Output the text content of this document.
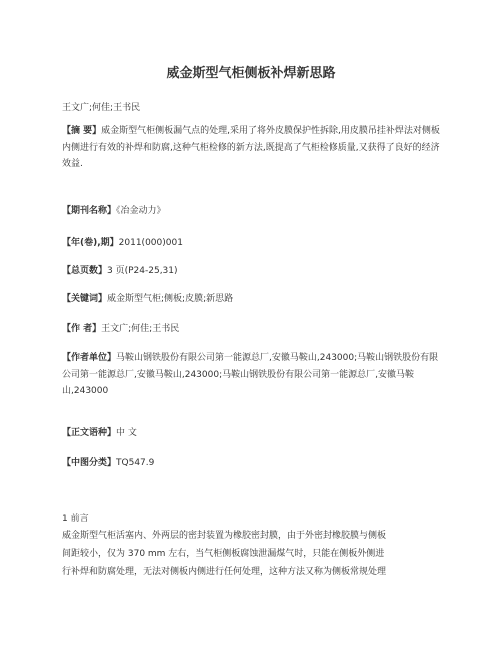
威金斯型气柜侧板补焊新思路
王文广;何佳;王书民
【摘 要】威金斯型气柜侧板漏气点的处理,采用了将外皮膜保护性拆除,用皮膜吊挂补焊法对侧板内侧进行有效的补焊和防腐,这种气柜检修的新方法,既提高了气柜检修质量,又获得了良好的经济效益.
【期刊名称】《冶金动力》
【年(卷),期】2011(000)001
【总页数】3 页(P24-25,31)
【关键词】威金斯型气柜;侧板;皮膜;新思路
【作 者】王文广;何佳;王书民
【作者单位】马鞍山钢铁股份有限公司第一能源总厂,安徽马鞍山,243000;马鞍山钢铁股份有限公司第一能源总厂,安徽马鞍山,243000;马鞍山钢铁股份有限公司第一能源总厂,安徽马鞍山,243000
【正文语种】中 文
【中图分类】TQ547.9
1 前言
威金斯型气柜活塞内、外两层的密封装置为橡胶密封膜，由于外密封橡胶膜与侧板
间距较小，仅为 370 mm 左右，当气柜侧板腐蚀泄漏煤气时，只能在侧板外侧进
行补焊和防腐处理，无法对侧板内侧进行任何处理，这种方法又称为侧板常规处理
